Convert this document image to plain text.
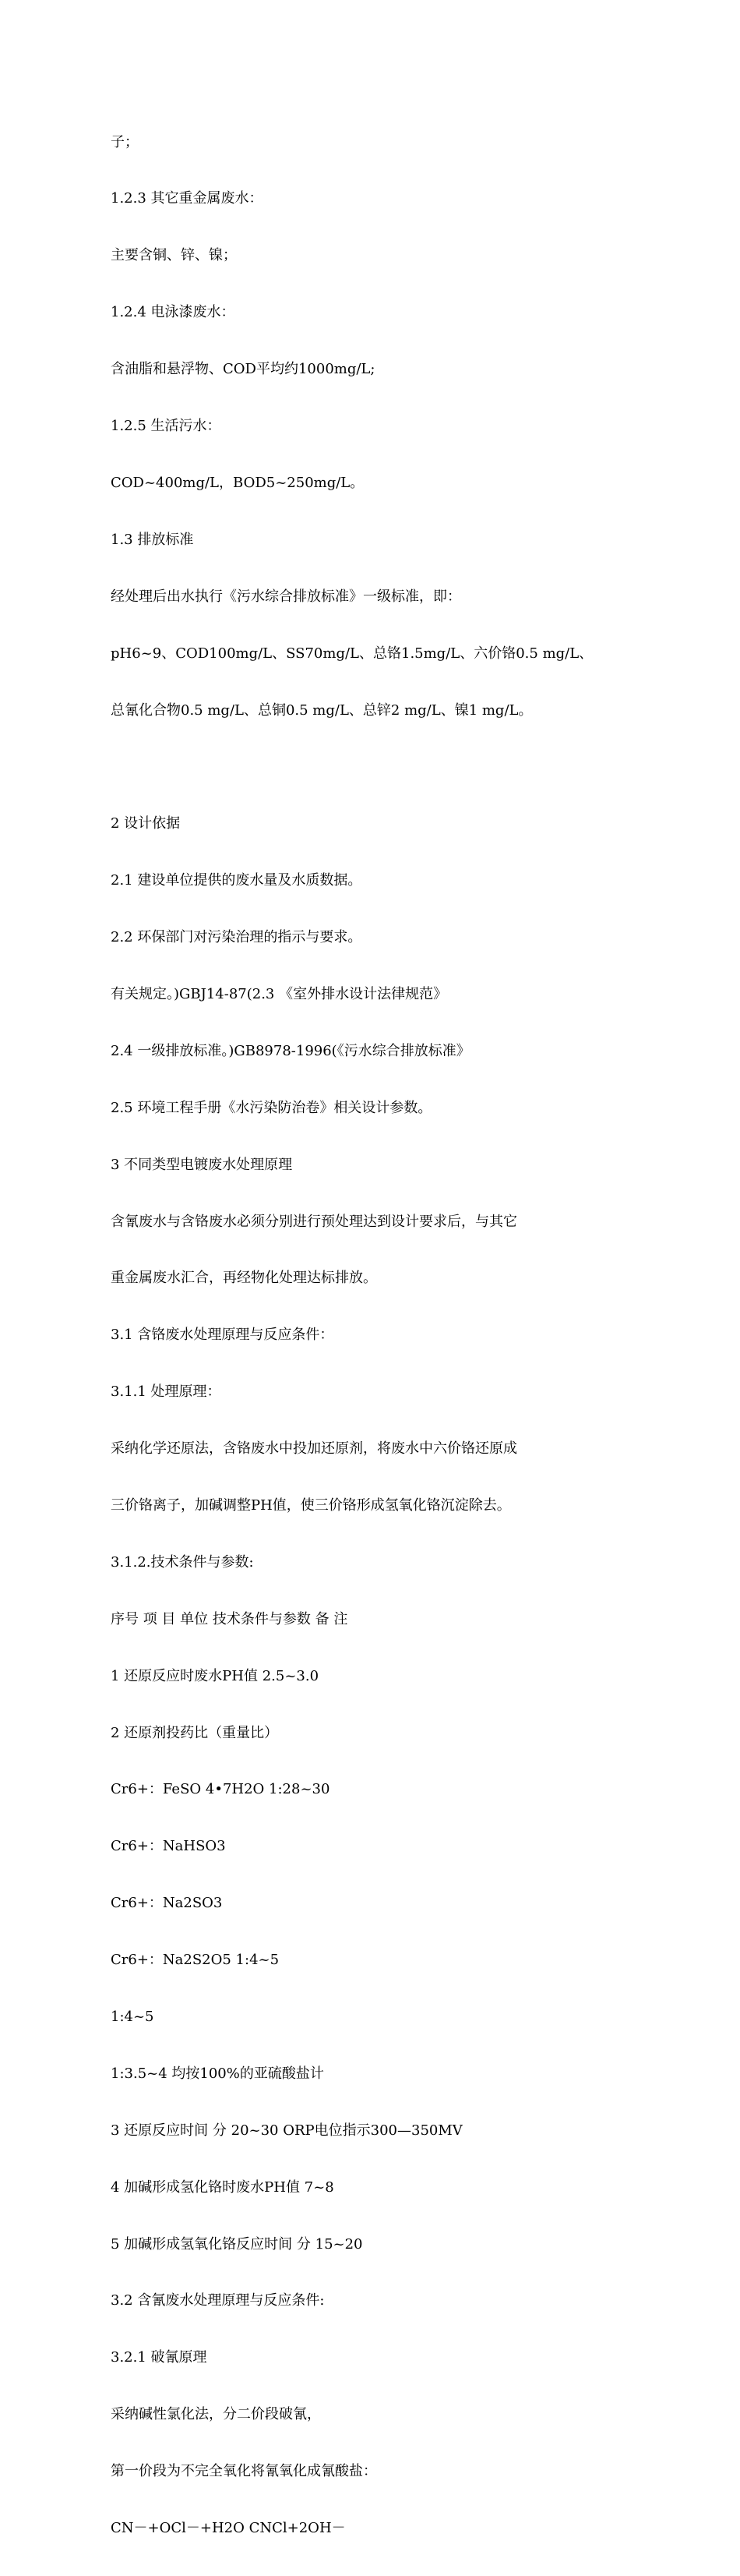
子；

1.2.3 其它重金属废水：

主要含铜、锌、镍；

1.2.4 电泳漆废水：

含油脂和悬浮物、COD平均约1000mg/L;

1.2.5 生活污水：

COD~400mg/L，BOD5~250mg/L。

1.3 排放标准

经处理后出水执行《污水综合排放标准》一级标准，即：

pH6~9、COD100mg/L、SS70mg/L、总铬1.5mg/L、六价铬0.5 mg/L、

总氰化合物0.5 mg/L、总铜0.5 mg/L、总锌2 mg/L、镍1 mg/L。

2 设计依据

2.1 建设单位提供的废水量及水质数据。

2.2 环保部门对污染治理的指示与要求。

有关规定。)GBJ14-87(2.3 《室外排水设计法律规范》

2.4 一级排放标准。)GB8978-1996(《污水综合排放标准》

2.5 环境工程手册《水污染防治卷》相关设计参数。

3 不同类型电镀废水处理原理

含氰废水与含铬废水必须分别进行预处理达到设计要求后，与其它

重金属废水汇合，再经物化处理达标排放。

3.1 含铬废水处理原理与反应条件：

3.1.1 处理原理：

采纳化学还原法，含铬废水中投加还原剂，将废水中六价铬还原成

三价铬离子，加碱调整PH值，使三价铬形成氢氧化铬沉淀除去。

3.1.2.技术条件与参数:

序号 项 目 单位 技术条件与参数 备 注

1 还原反应时废水PH值 2.5~3.0

2 还原剂投药比（重量比）

Cr6+：FeSO 4•7H2O 1:28~30

Cr6+：NaHSO3

Cr6+：Na2SO3

Cr6+：Na2S2O5 1:4~5

1:4~5

1:3.5~4 均按100%的亚硫酸盐计

3 还原反应时间 分 20~30 ORP电位指示300—350MV

4 加碱形成氢化铬时废水PH值 7~8

5 加碱形成氢氧化铬反应时间 分 15~20

3.2 含氰废水处理原理与反应条件:

3.2.1 破氰原理

采纳碱性氯化法，分二价段破氰，

第一价段为不完全氧化将氰氧化成氰酸盐：

CN－+OCl－+H2O CNCl+2OH－
